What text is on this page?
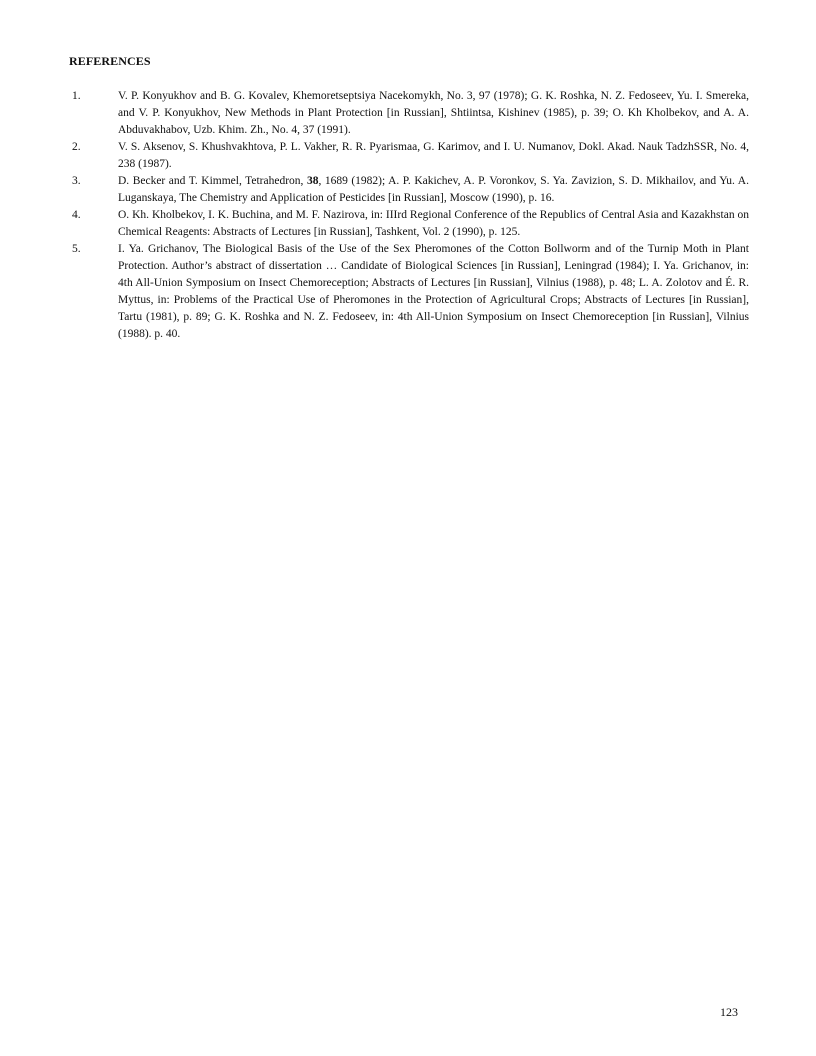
REFERENCES
1.	V. P. Konyukhov and B. G. Kovalev, Khemoretseptsiya Nacekomykh, No. 3, 97 (1978); G. K. Roshka, N. Z. Fedoseev, Yu. I. Smereka, and V. P. Konyukhov, New Methods in Plant Protection [in Russian], Shtiintsa, Kishinev (1985), p. 39; O. Kh Kholbekov, and A. A. Abduvakhabov, Uzb. Khim. Zh., No. 4, 37 (1991).
2.	V. S. Aksenov, S. Khushvakhtova, P. L. Vakher, R. R. Pyarismaa, G. Karimov, and I. U. Numanov, Dokl. Akad. Nauk TadzhSSR, No. 4, 238 (1987).
3.	D. Becker and T. Kimmel, Tetrahedron, 38, 1689 (1982); A. P. Kakichev, A. P. Voronkov, S. Ya. Zavizion, S. D. Mikhailov, and Yu. A. Luganskaya, The Chemistry and Application of Pesticides [in Russian], Moscow (1990), p. 16.
4.	O. Kh. Kholbekov, I. K. Buchina, and M. F. Nazirova, in: IIIrd Regional Conference of the Republics of Central Asia and Kazakhstan on Chemical Reagents: Abstracts of Lectures [in Russian], Tashkent, Vol. 2 (1990), p. 125.
5.	I. Ya. Grichanov, The Biological Basis of the Use of the Sex Pheromones of the Cotton Bollworm and of the Turnip Moth in Plant Protection. Author’s abstract of dissertation … Candidate of Biological Sciences [in Russian], Leningrad (1984); I. Ya. Grichanov, in: 4th All-Union Symposium on Insect Chemoreception; Abstracts of Lectures [in Russian], Vilnius (1988), p. 48; L. A. Zolotov and É. R. Myttus, in: Problems of the Practical Use of Pheromones in the Protection of Agricultural Crops; Abstracts of Lectures [in Russian], Tartu (1981), p. 89; G. K. Roshka and N. Z. Fedoseev, in: 4th All-Union Symposium on Insect Chemoreception [in Russian], Vilnius (1988). p. 40.
123
